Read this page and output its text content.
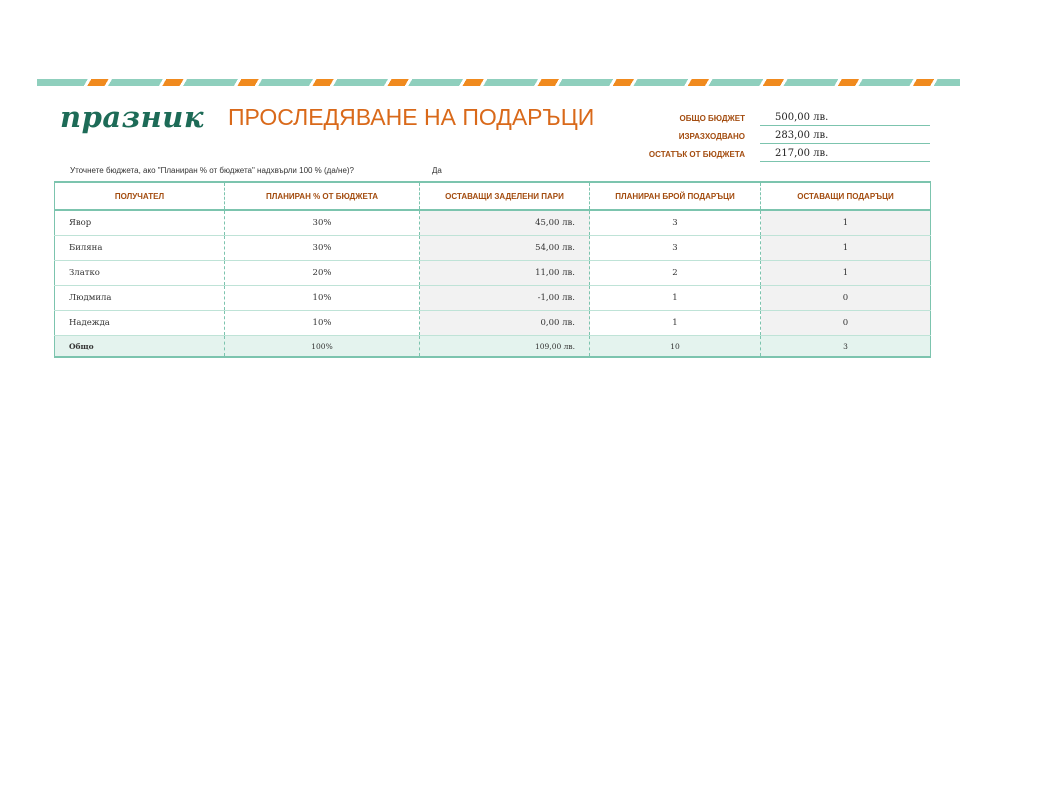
празник ПРОСЛЕДЯВАНЕ НА ПОДАРЪЦИ	ОБЩО БЮДЖЕТ	500,00 лв.
ИЗРАЗХОДВАНО	283,00 лв.
ОСТАТЪК ОТ БЮДЖЕТА	217,00 лв.
Уточнете бюджета, ако "Планиран % от бюджета" надхвърли 100 % (да/не)?	Да
ПОЛУЧАТЕЛ	ПЛАНИРАН % ОТ БЮДЖЕТА	ОСТАВАЩИ ЗАДЕЛЕНИ ПАРИ	ПЛАНИРАН БРОЙ ПОДАРЪЦИ	ОСТАВАЩИ ПОДАРЪЦИ
Явор	30%	45,00 лв.	3	1
Биляна	30%	54,00 лв.	3	1
Златко	20%	11,00 лв.	2	1
Людмила	10%	-1,00 лв.	1	0
Надежда	10%	0,00 лв.	1	0
Общо	100%	109,00 лв.	10	3
